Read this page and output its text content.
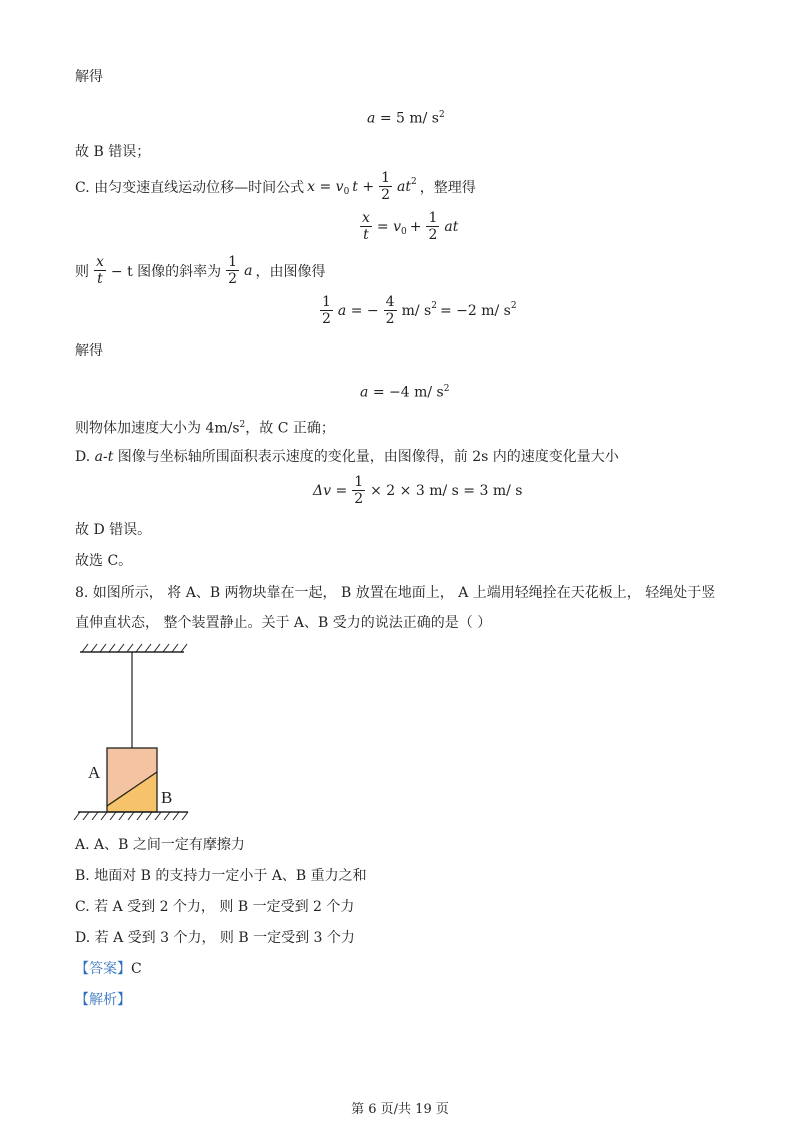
解得
a = 5 m/ $s^2$
故 B 错误；
C. 由匀变速直线运动位移—时间公式 $x = v_0$ $t + \frac{1}{2} at^2$ ，整理得
$\frac{x}{t} = v_0 + \frac{1}{2}$ at
则 $\frac{x}{t} - t$ 图像的斜率为 $\frac{1}{2}$ a ，由图像得
$\frac{1}{2}$ a = − $\frac{4}{2} m/$ $s^2 = -2$ m/ $s^2$
解得
a = −4 m/ $s^2$
则物体加速度大小为 $4m/s^2$，故 C 正确；
D. a-t 图像与坐标轴所围面积表示速度的变化量，由图像得，前 2s 内的速度变化量大小
$\Delta v = \frac{1}{2} \times 2 \times 3$ m/ s = 3 m/ s
故 D 错误。
故选 C。
8. 如图所示， 将 A、B 两物块靠在一起， B 放置在地面上， A 上端用轻绳拴在天花板上， 轻绳处于竖
直伸直状态， 整个装置静止。关于 A、B 受力的说法正确的是（ ）
A
B
A. A、B 之间一定有摩擦力
B. 地面对 B 的支持力一定小于 A、B 重力之和
C. 若 A 受到 2 个力， 则 B 一定受到 2 个力
D. 若 A 受到 3 个力， 则 B 一定受到 3 个力
【答案】C
【解析】
第 6 页/共 19 页
